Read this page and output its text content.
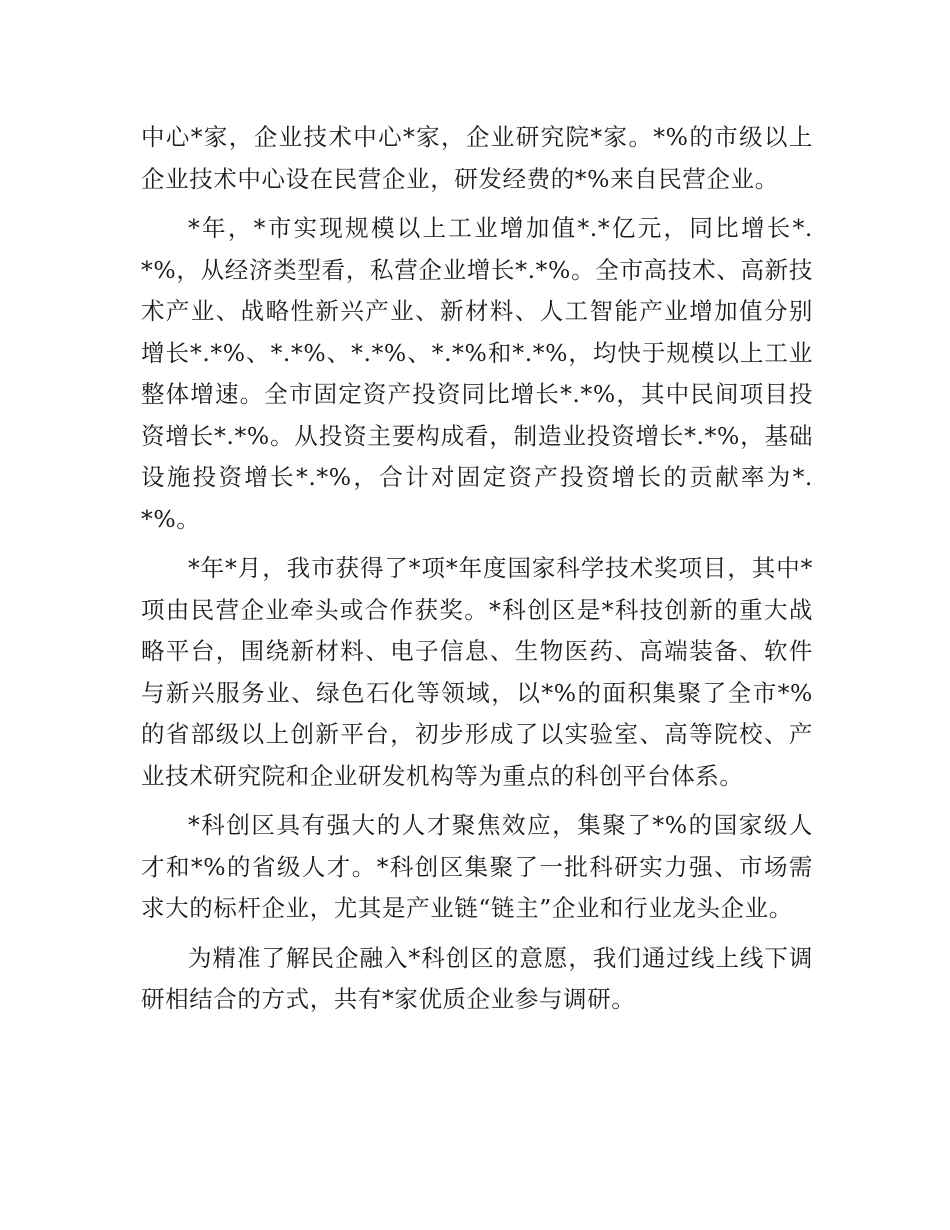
中心*家，企业技术中心*家，企业研究院*家。*%的市级以上企业技术中心设在民营企业，研发经费的*%来自民营企业。

*年，*市实现规模以上工业增加值*.*亿元，同比增长*.*%，从经济类型看，私营企业增长*.*%。全市高技术、高新技术产业、战略性新兴产业、新材料、人工智能产业增加值分别增长*.*%、*.*%、*.*%、*.*%和*.*%，均快于规模以上工业整体增速。全市固定资产投资同比增长*.*%，其中民间项目投资增长*.*%。从投资主要构成看，制造业投资增长*.*%，基础设施投资增长*.*%，合计对固定资产投资增长的贡献率为*.*%。

*年*月，我市获得了*项*年度国家科学技术奖项目，其中*项由民营企业牵头或合作获奖。*科创区是*科技创新的重大战略平台，围绕新材料、电子信息、生物医药、高端装备、软件与新兴服务业、绿色石化等领域，以*%的面积集聚了全市*%的省部级以上创新平台，初步形成了以实验室、高等院校、产业技术研究院和企业研发机构等为重点的科创平台体系。

*科创区具有强大的人才聚焦效应，集聚了*%的国家级人才和*%的省级人才。*科创区集聚了一批科研实力强、市场需求大的标杆企业，尤其是产业链“链主”企业和行业龙头企业。

为精准了解民企融入*科创区的意愿，我们通过线上线下调研相结合的方式，共有*家优质企业参与调研。
